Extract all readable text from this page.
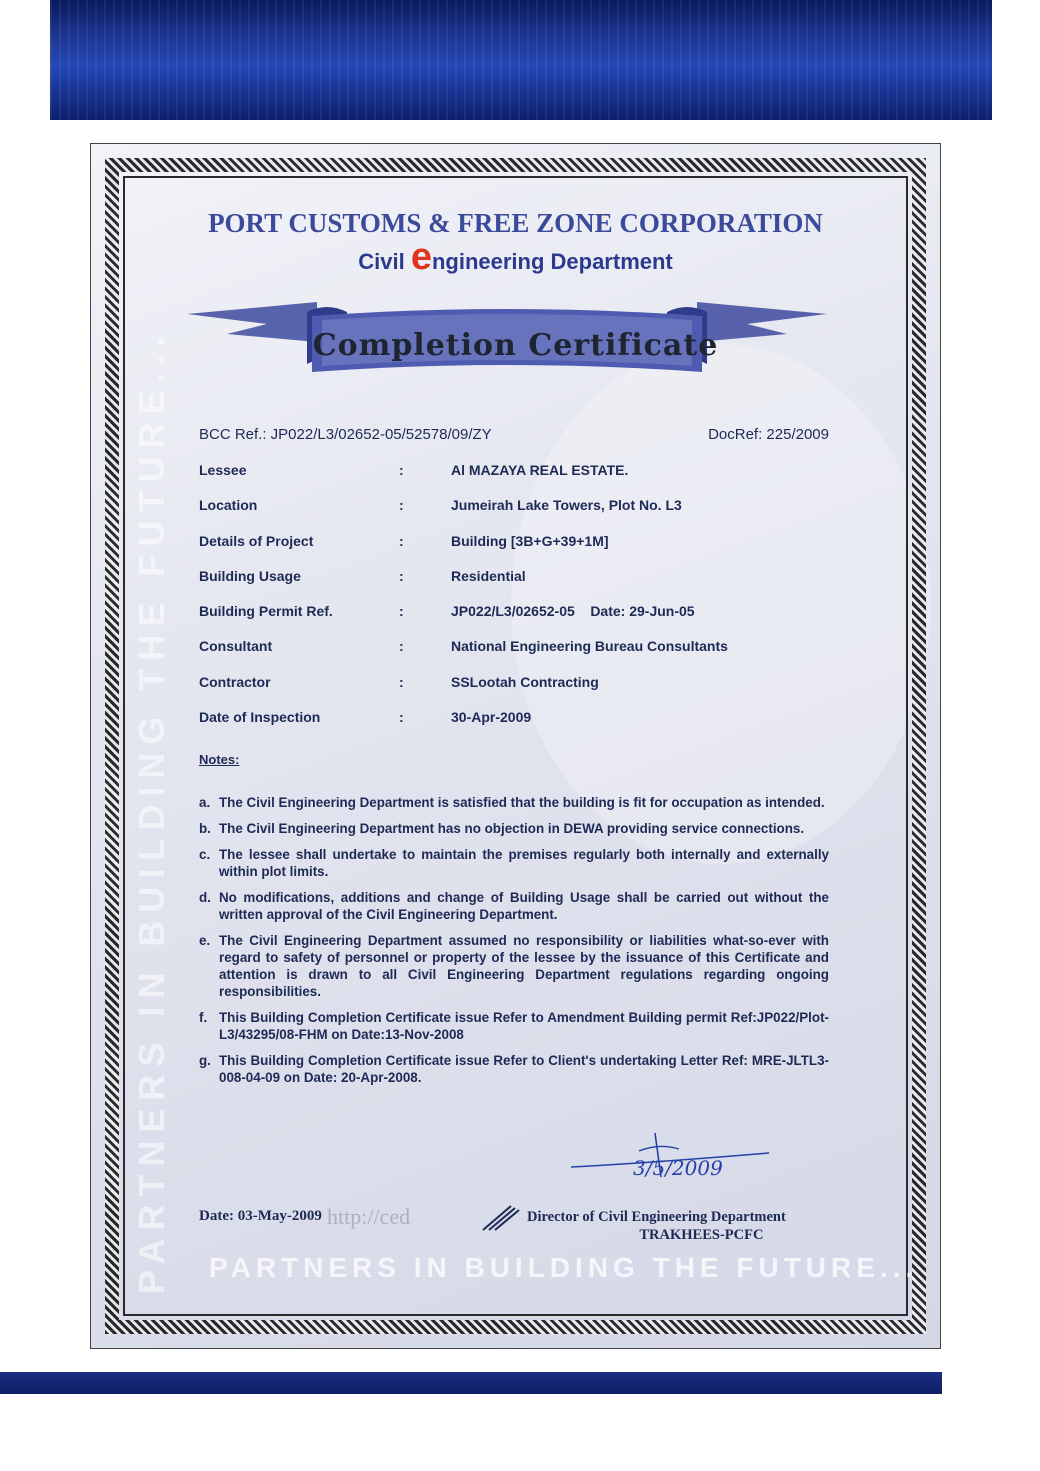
PARTNERS IN BUILDING THE FUTURE... PARTNERS IN BUILDING THE FUTURE...
PORT CUSTOMS & FREE ZONE CORPORATION
Civil engineering Department
Completion Certificate
BCC Ref.: JP022/L3/02652-05/52578/09/ZY	DocRef: 225/2009
Lessee	:	Al MAZAYA REAL ESTATE.
Location	:	Jumeirah Lake Towers, Plot No. L3
Details of Project	:	Building [3B+G+39+1M]
Building Usage	:	Residential
Building Permit Ref.	:	JP022/L3/02652-05    Date: 29-Jun-05
Consultant	:	National Engineering Bureau Consultants
Contractor	:	SSLootah Contracting
Date of Inspection	:	30-Apr-2009
Notes:
a. The Civil Engineering Department is satisfied that the building is fit for occupation as intended.
b. The Civil Engineering Department has no objection in DEWA providing service connections.
c. The lessee shall undertake to maintain the premises regularly both internally and externally within plot limits.
d. No modifications, additions and change of Building Usage shall be carried out without the written approval of the Civil Engineering Department.
e. The Civil Engineering Department assumed no responsibility or liabilities what-so-ever with regard to safety of personnel or property of the lessee by the issuance of this Certificate and attention is drawn to all Civil Engineering Department regulations regarding ongoing responsibilities.
f. This Building Completion Certificate issue Refer to Amendment Building permit Ref:JP022/Plot-L3/43295/08-FHM on Date:13-Nov-2008
g. This Building Completion Certificate issue Refer to Client's undertaking Letter Ref: MRE-JLTL3-008-04-09 on Date: 20-Apr-2008.
3/5/2009
Date: 03-May-2009 http://ced	Director of Civil Engineering Department
TRAKHEES-PCFC
